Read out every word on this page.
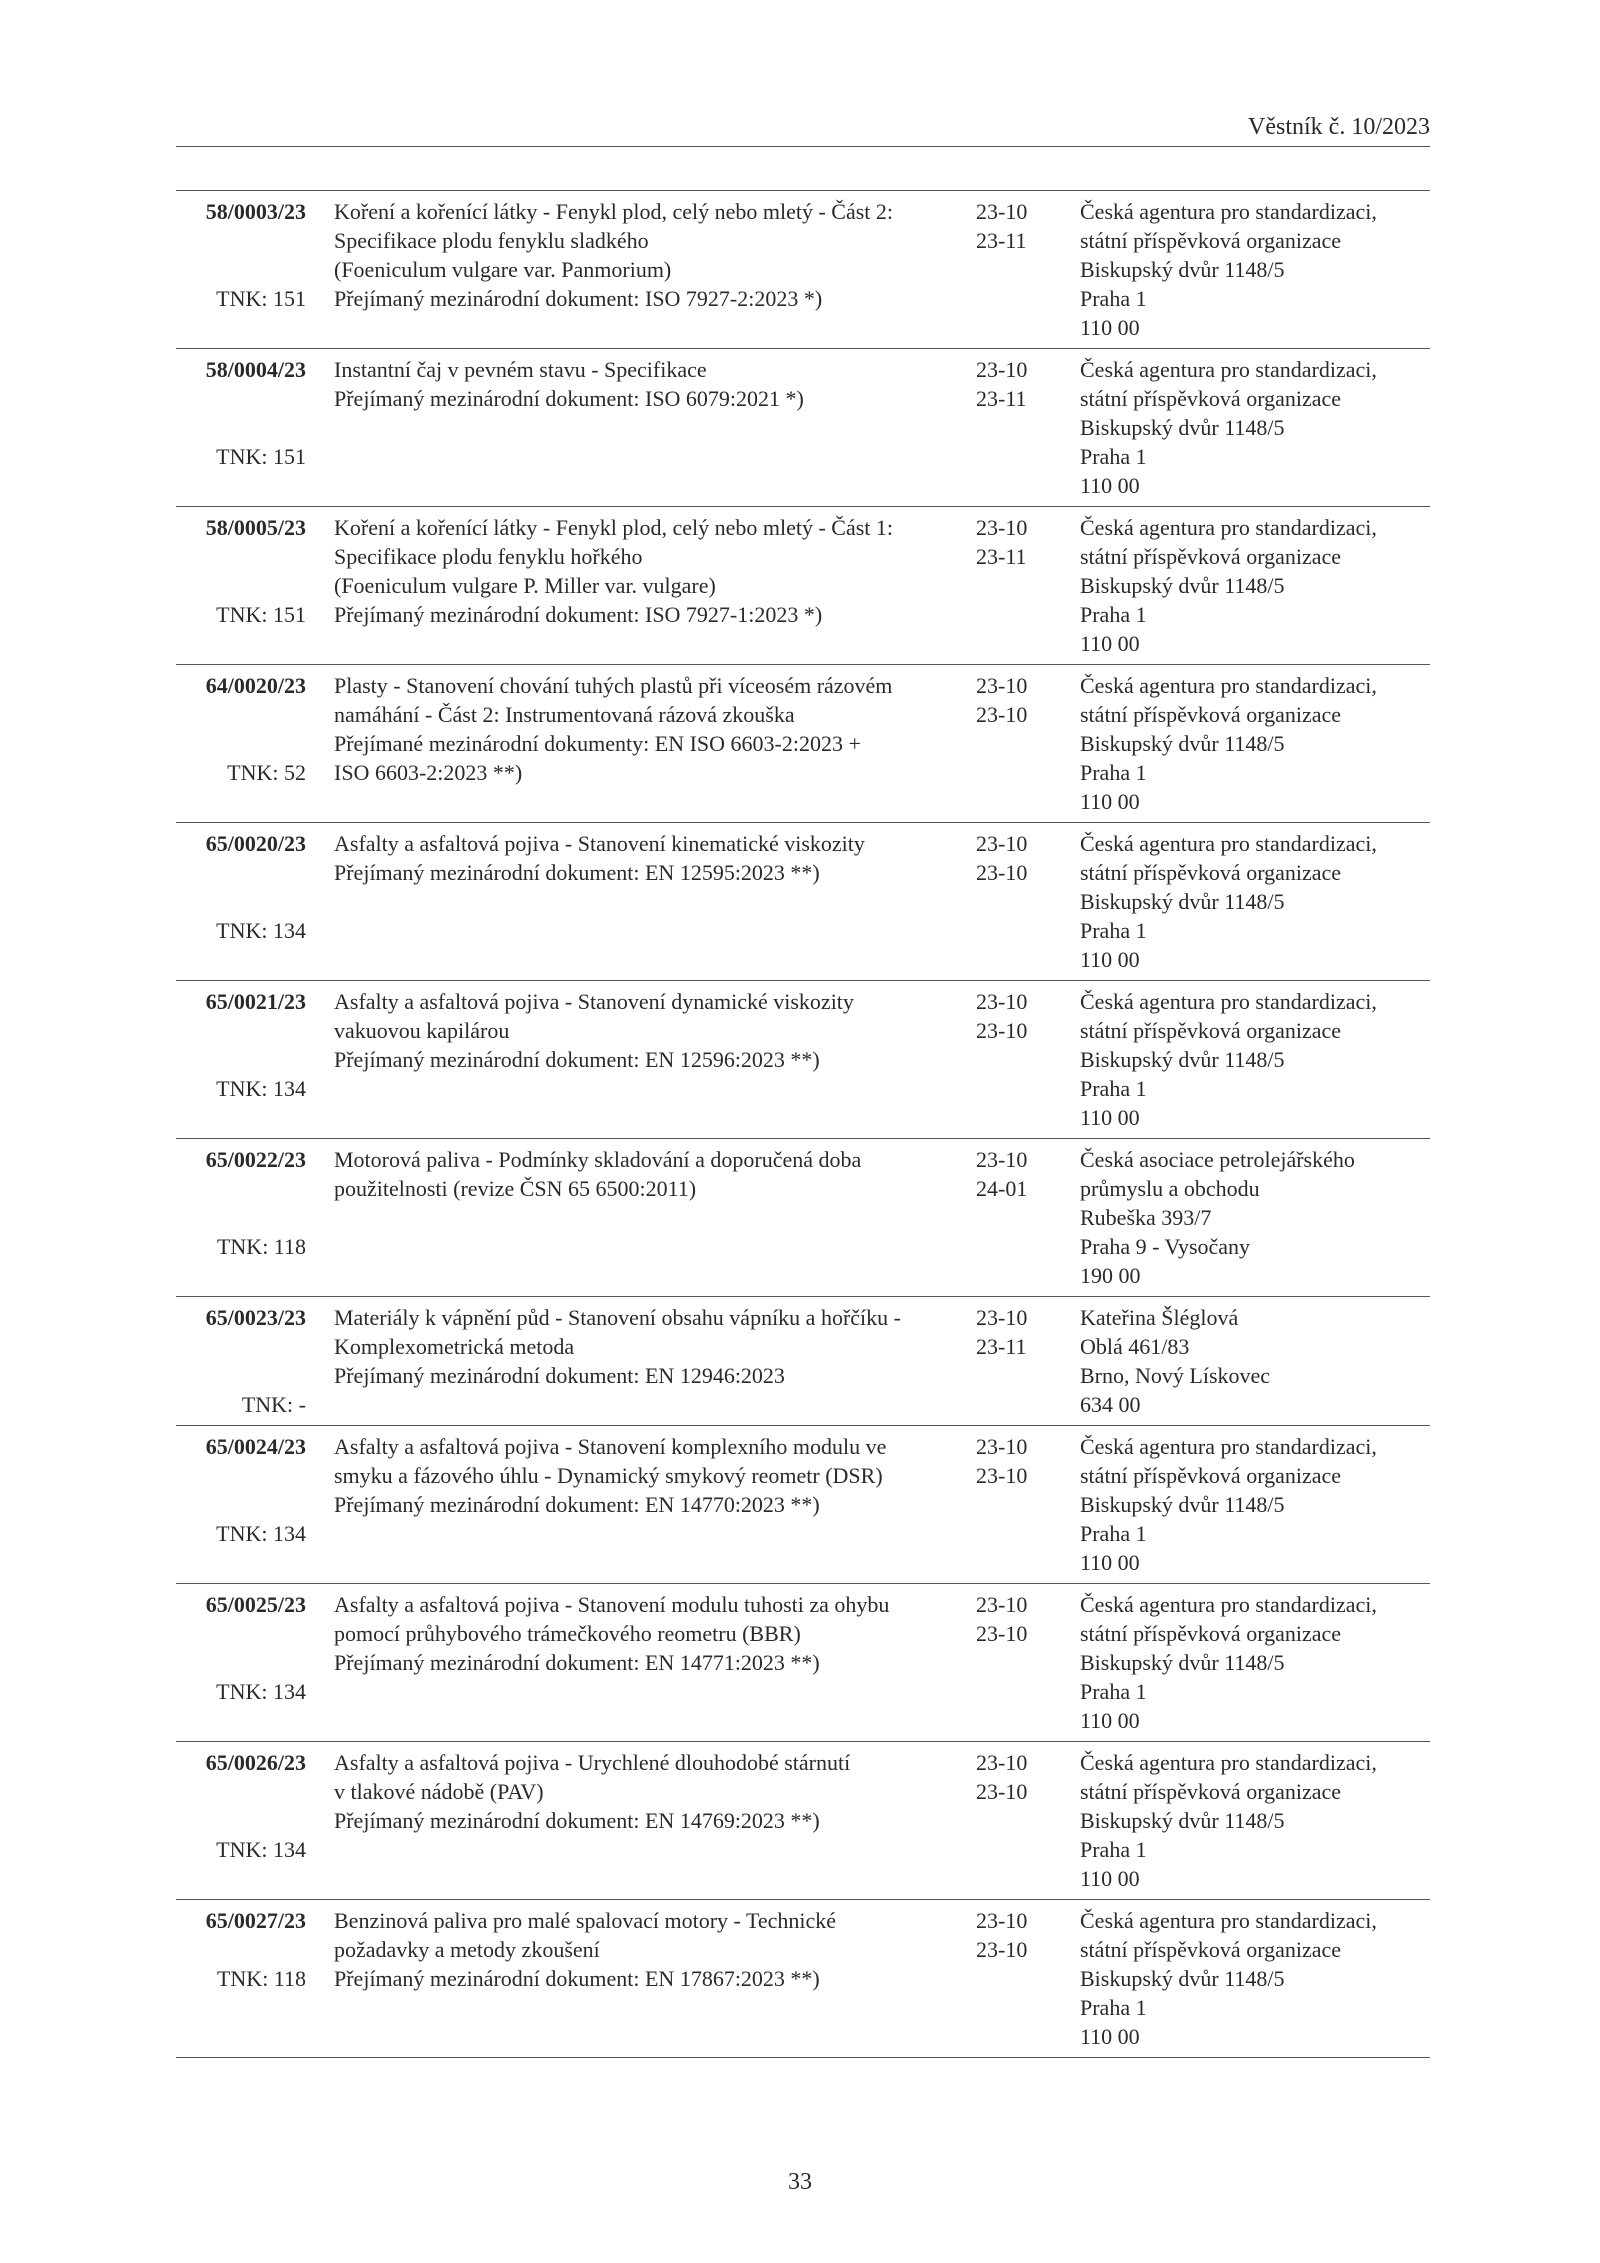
Věstník č. 10/2023
58/0003/23
TNK: 151
Koření a kořenící látky - Fenykl plod, celý nebo mletý - Část 2:
Specifikace plodu fenyklu sladkého
(Foeniculum vulgare var. Panmorium)
Přejímaný mezinárodní dokument: ISO 7927-2:2023 *)
23-10
23-11
Česká agentura pro standardizaci,
státní příspěvková organizace
Biskupský dvůr 1148/5
Praha 1
110 00
58/0004/23
TNK: 151
Instantní čaj v pevném stavu - Specifikace
Přejímaný mezinárodní dokument: ISO 6079:2021 *)
23-10
23-11
Česká agentura pro standardizaci,
státní příspěvková organizace
Biskupský dvůr 1148/5
Praha 1
110 00
58/0005/23
TNK: 151
Koření a kořenící látky - Fenykl plod, celý nebo mletý - Část 1:
Specifikace plodu fenyklu hořkého
(Foeniculum vulgare P. Miller var. vulgare)
Přejímaný mezinárodní dokument: ISO 7927-1:2023 *)
23-10
23-11
Česká agentura pro standardizaci,
státní příspěvková organizace
Biskupský dvůr 1148/5
Praha 1
110 00
64/0020/23
TNK: 52
Plasty - Stanovení chování tuhých plastů při víceosém rázovém
namáhání - Část 2: Instrumentovaná rázová zkouška
Přejímané mezinárodní dokumenty: EN ISO 6603-2:2023 +
ISO 6603-2:2023 **)
23-10
23-10
Česká agentura pro standardizaci,
státní příspěvková organizace
Biskupský dvůr 1148/5
Praha 1
110 00
65/0020/23
TNK: 134
Asfalty a asfaltová pojiva - Stanovení kinematické viskozity
Přejímaný mezinárodní dokument: EN 12595:2023 **)
23-10
23-10
Česká agentura pro standardizaci,
státní příspěvková organizace
Biskupský dvůr 1148/5
Praha 1
110 00
65/0021/23
TNK: 134
Asfalty a asfaltová pojiva - Stanovení dynamické viskozity
vakuovou kapilárou
Přejímaný mezinárodní dokument: EN 12596:2023 **)
23-10
23-10
Česká agentura pro standardizaci,
státní příspěvková organizace
Biskupský dvůr 1148/5
Praha 1
110 00
65/0022/23
TNK: 118
Motorová paliva - Podmínky skladování a doporučená doba
použitelnosti (revize ČSN 65 6500:2011)
23-10
24-01
Česká asociace petrolejářského
průmyslu a obchodu
Rubeška 393/7
Praha 9 - Vysočany
190 00
65/0023/23
TNK: -
Materiály k vápnění půd - Stanovení obsahu vápníku a hořčíku -
Komplexometrická metoda
Přejímaný mezinárodní dokument: EN 12946:2023
23-10
23-11
Kateřina Šléglová
Oblá 461/83
Brno, Nový Lískovec
634 00
65/0024/23
TNK: 134
Asfalty a asfaltová pojiva - Stanovení komplexního modulu ve
smyku a fázového úhlu - Dynamický smykový reometr (DSR)
Přejímaný mezinárodní dokument: EN 14770:2023 **)
23-10
23-10
Česká agentura pro standardizaci,
státní příspěvková organizace
Biskupský dvůr 1148/5
Praha 1
110 00
65/0025/23
TNK: 134
Asfalty a asfaltová pojiva - Stanovení modulu tuhosti za ohybu
pomocí průhybového trámečkového reometru (BBR)
Přejímaný mezinárodní dokument: EN 14771:2023 **)
23-10
23-10
Česká agentura pro standardizaci,
státní příspěvková organizace
Biskupský dvůr 1148/5
Praha 1
110 00
65/0026/23
TNK: 134
Asfalty a asfaltová pojiva - Urychlené dlouhodobé stárnutí
v tlakové nádobě (PAV)
Přejímaný mezinárodní dokument: EN 14769:2023 **)
23-10
23-10
Česká agentura pro standardizaci,
státní příspěvková organizace
Biskupský dvůr 1148/5
Praha 1
110 00
65/0027/23
TNK: 118
Benzinová paliva pro malé spalovací motory - Technické
požadavky a metody zkoušení
Přejímaný mezinárodní dokument: EN 17867:2023 **)
23-10
23-10
Česká agentura pro standardizaci,
státní příspěvková organizace
Biskupský dvůr 1148/5
Praha 1
110 00
33
